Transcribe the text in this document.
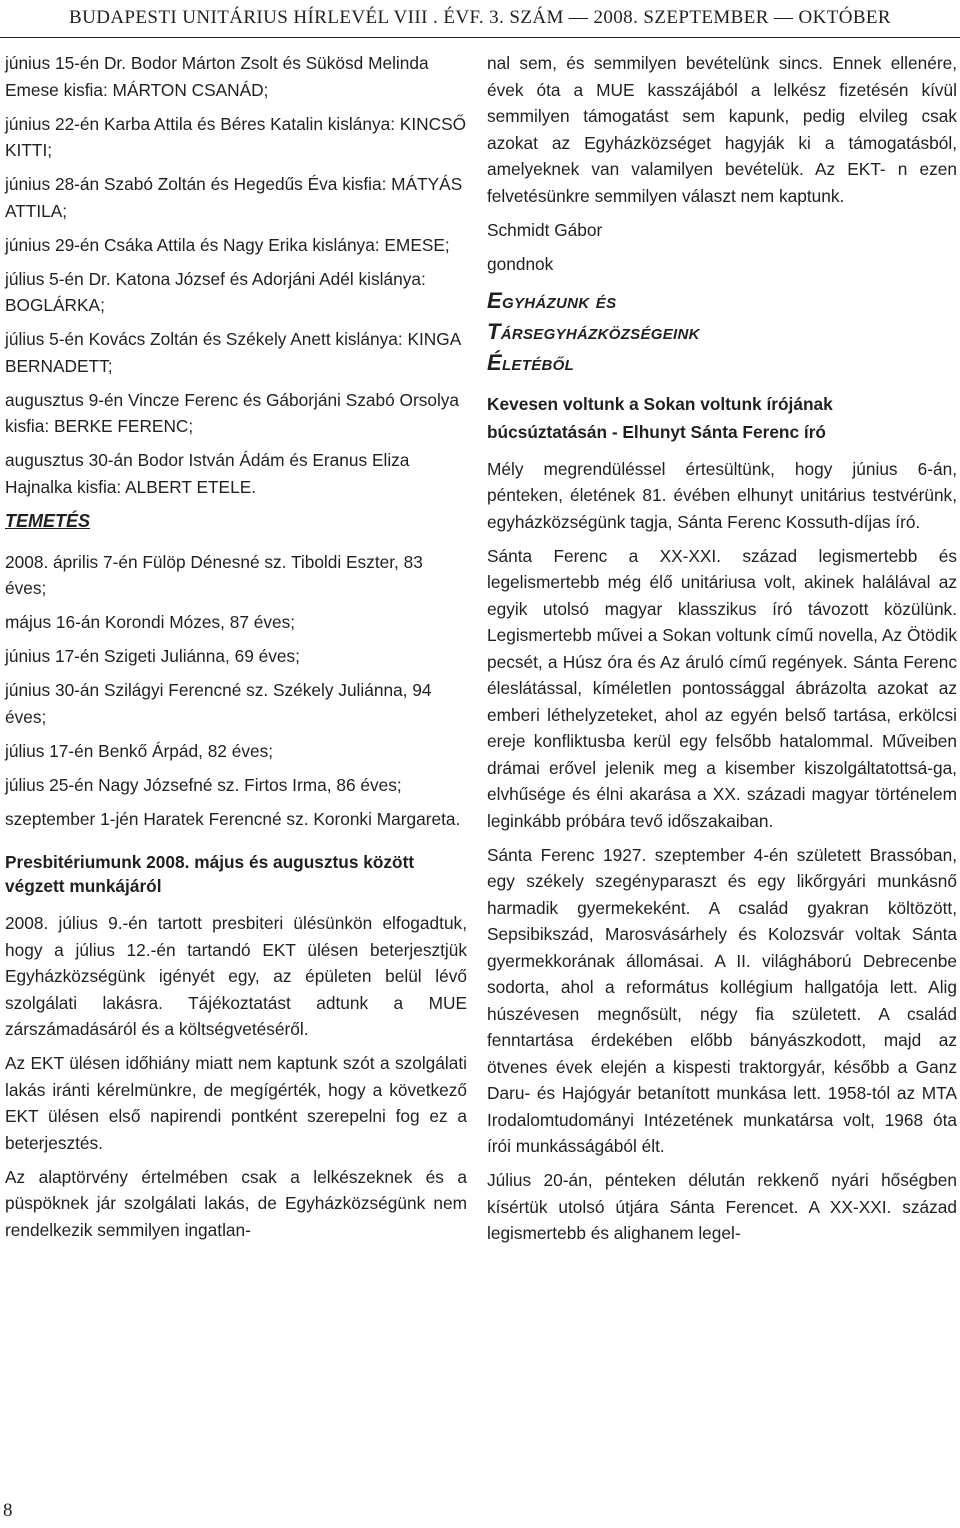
BUDAPESTI UNITÁRIUS HÍRLEVÉL VIII . ÉVF. 3. SZÁM — 2008. SZEPTEMBER — OKTÓBER

június 15-én Dr. Bodor Márton Zsolt és Sükösd Melinda Emese kisfia: MÁRTON CSANÁD;

június 22-én Karba Attila és Béres Katalin kislánya: KINCSŐ KITTI;

június 28-án Szabó Zoltán és Hegedűs Éva kisfia: MÁTYÁS ATTILA;

június 29-én Csáka Attila és Nagy Erika kislánya: EMESE;

július 5-én Dr. Katona József és Adorjáni Adél kislánya: BOGLÁRKA;

július 5-én Kovács Zoltán és Székely Anett kislánya: KINGA BERNADETT;

augusztus 9-én Vincze Ferenc és Gáborjáni Szabó Orsolya kisfia: BERKE FERENC;

augusztus 30-án Bodor István Ádám és Eranus Eliza Hajnalka kisfia: ALBERT ETELE.

TEMETÉS

2008. április 7-én Fülöp Dénesné sz. Tiboldi Eszter, 83 éves;

május 16-án Korondi Mózes, 87 éves;

június 17-én Szigeti Juliánna, 69 éves;

június 30-án Szilágyi Ferencné sz. Székely Juliánna, 94 éves;

július 17-én Benkő Árpád, 82 éves;

július 25-én Nagy Józsefné sz. Firtos Irma, 86 éves;

szeptember 1-jén Haratek Ferencné sz. Koronki Margareta.

Presbitériumunk 2008. május és augusztus között végzett munkájáról

2008. július 9.-én tartott presbiteri ülésünkön elfogadtuk, hogy a július 12.-én tartandó EKT ülésen beterjesztjük Egyházközségünk igényét egy, az épületen belül lévő szolgálati lakásra. Tájékoztatást adtunk a MUE zárszámadásáról és a költségvetéséről.

Az EKT ülésen időhiány miatt nem kaptunk szót a szolgálati lakás iránti kérelmünkre, de megígérték, hogy a következő EKT ülésen első napirendi pontként szerepelni fog ez a beterjesztés.

Az alaptörvény értelmében csak a lelkészeknek és a püspöknek jár szolgálati lakás, de Egyházközségünk nem rendelkezik semmilyen ingatlan-

nal sem, és semmilyen bevételünk sincs. Ennek ellenére, évek óta a MUE kasszájából a lelkész fizetésén kívül semmilyen támogatást sem kapunk, pedig elvileg csak azokat az Egyházközséget hagyják ki a támogatásból, amelyeknek van valamilyen bevételük. Az EKT- n ezen felvetésünkre semmilyen választ nem kaptunk.

Schmidt Gábor

gondnok

Egyházunk és
Társegyházközségeink
Életéből
Kevesen voltunk a Sokan voltunk írójának búcsúztatásán - Elhunyt Sánta Ferenc író

Mély megrendüléssel értesültünk, hogy június 6-án, pénteken, életének 81. évében elhunyt unitárius testvérünk, egyházközségünk tagja, Sánta Ferenc Kossuth-díjas író.

Sánta Ferenc a XX-XXI. század legismertebb és legelismertebb még élő unitáriusa volt, akinek halálával az egyik utolsó magyar klasszikus író távozott közülünk. Legismertebb művei a Sokan voltunk című novella, Az Ötödik pecsét, a Húsz óra és Az áruló című regények. Sánta Ferenc éleslátással, kíméletlen pontossággal ábrázolta azokat az emberi léthelyzeteket, ahol az egyén belső tartása, erkölcsi ereje konfliktusba kerül egy felsőbb hatalommal. Műveiben drámai erővel jelenik meg a kisember kiszolgáltatottsá-ga, elvhűsége és élni akarása a XX. századi magyar történelem leginkább próbára tevő időszakaiban.

Sánta Ferenc 1927. szeptember 4-én született Brassóban, egy székely szegényparaszt és egy likőrgyári munkásnő harmadik gyermekeként. A család gyakran költözött, Sepsibikszád, Marosvásárhely és Kolozsvár voltak Sánta gyermekkorának állomásai. A II. világháború Debrecenbe sodorta, ahol a református kollégium hallgatója lett. Alig húszévesen megnősült, négy fia született. A család fenntartása érdekében előbb bányászkodott, majd az ötvenes évek elején a kispesti traktorgyár, később a Ganz Daru- és Hajógyár betanított munkása lett. 1958-tól az MTA Irodalomtudományi Intézetének munkatársa volt, 1968 óta írói munkásságából élt.

Július 20-án, pénteken délután rekkenő nyári hőségben kísértük utolsó útjára Sánta Ferencet. A XX-XXI. század legismertebb és alighanem legel-

8
